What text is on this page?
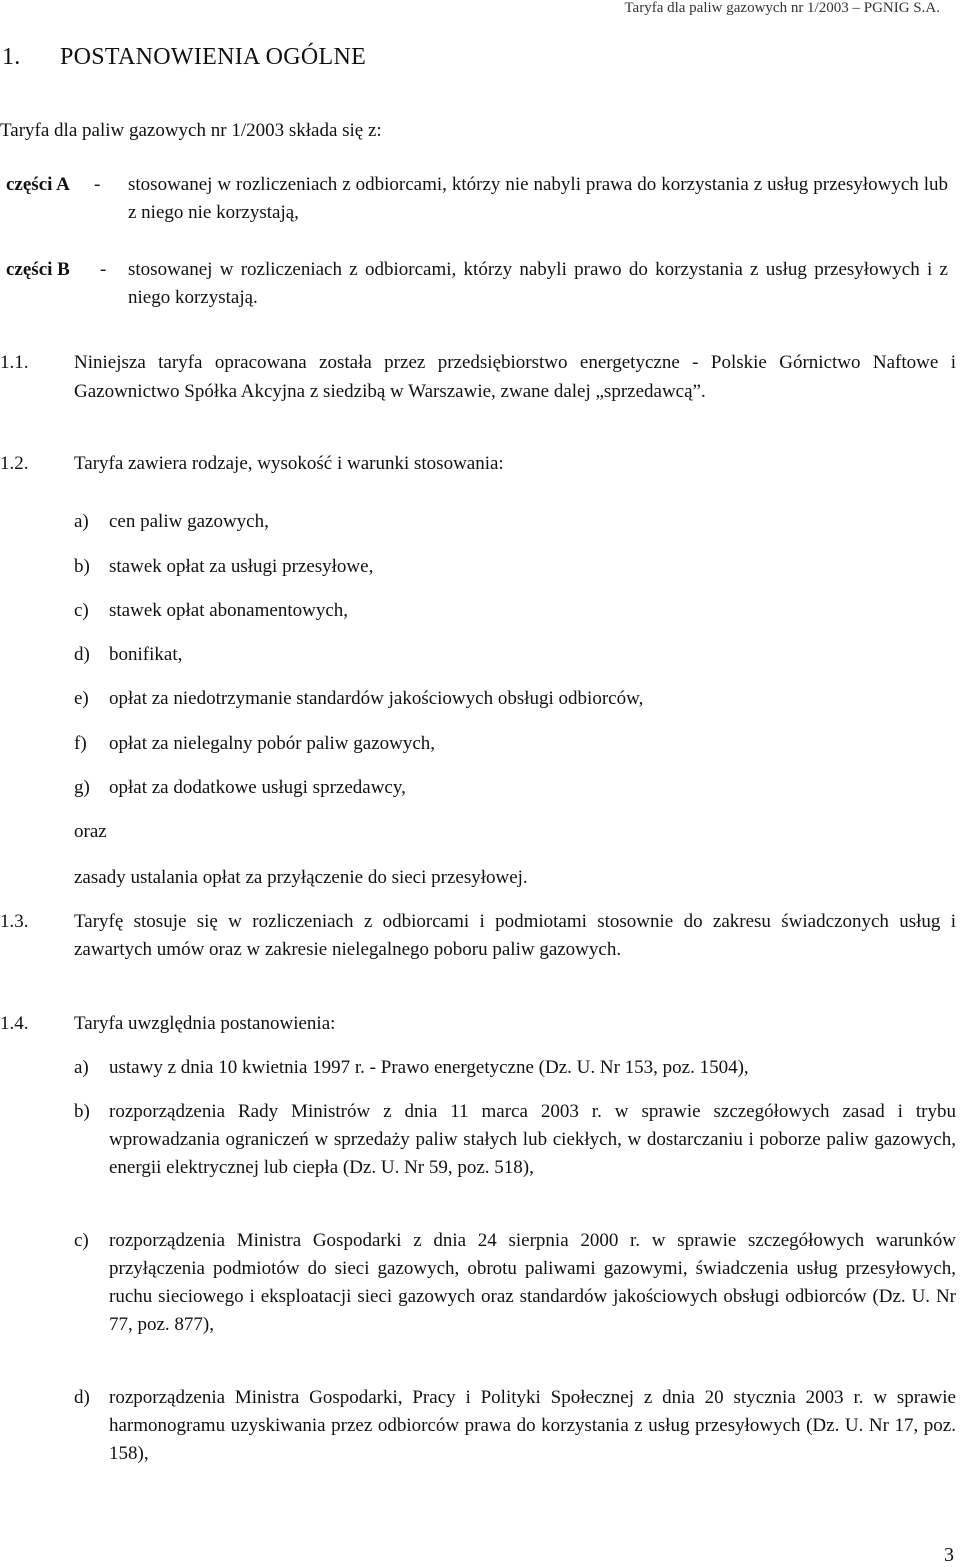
Taryfa dla paliw gazowych nr 1/2003 – PGNIG S.A.
1. POSTANOWIENIA OGÓLNE
Taryfa dla paliw gazowych nr 1/2003 składa się z:
części A	-	stosowanej w rozliczeniach z odbiorcami, którzy nie nabyli prawa do korzystania z usług przesyłowych lub z niego nie korzystają,
części B	-	stosowanej w rozliczeniach z odbiorcami, którzy nabyli prawo do korzystania z usług przesyłowych i z niego korzystają.
1.1.	Niniejsza taryfa opracowana została przez przedsiębiorstwo energetyczne - Polskie Górnictwo Naftowe i Gazownictwo Spółka Akcyjna z siedzibą w Warszawie, zwane dalej „sprzedawcą”.
1.2.	Taryfa zawiera rodzaje, wysokość i warunki stosowania:
a)	cen paliw gazowych,
b)	stawek opłat za usługi przesyłowe,
c)	stawek opłat abonamentowych,
d)	bonifikat,
e)	opłat za niedotrzymanie standardów jakościowych obsługi odbiorców,
f)	opłat za nielegalny pobór paliw gazowych,
g)	opłat za dodatkowe usługi sprzedawcy,
oraz
zasady ustalania opłat za przyłączenie do sieci przesyłowej.
1.3.	Taryfę stosuje się w rozliczeniach z odbiorcami i podmiotami stosownie do zakresu świadczonych usług i zawartych umów oraz w zakresie nielegalnego poboru paliw gazowych.
1.4.	Taryfa uwzględnia postanowienia:
a)	ustawy z dnia 10 kwietnia 1997 r. - Prawo energetyczne (Dz. U. Nr 153, poz. 1504),
b)	rozporządzenia Rady Ministrów z dnia 11 marca 2003 r. w sprawie szczegółowych zasad i trybu wprowadzania ograniczeń w sprzedaży paliw stałych lub ciekłych, w dostarczaniu i poborze paliw gazowych, energii elektrycznej lub ciepła (Dz. U. Nr 59, poz. 518),
c)	rozporządzenia Ministra Gospodarki z dnia 24 sierpnia 2000 r. w sprawie szczegółowych warunków przyłączenia podmiotów do sieci gazowych, obrotu paliwami gazowymi, świadczenia usług przesyłowych, ruchu sieciowego i eksploatacji sieci gazowych oraz standardów jakościowych obsługi odbiorców (Dz. U. Nr 77, poz. 877),
d)	rozporządzenia Ministra Gospodarki, Pracy i Polityki Społecznej z dnia 20 stycznia 2003 r. w sprawie harmonogramu uzyskiwania przez odbiorców prawa do korzystania z usług przesyłowych (Dz. U. Nr 17, poz. 158),
3
